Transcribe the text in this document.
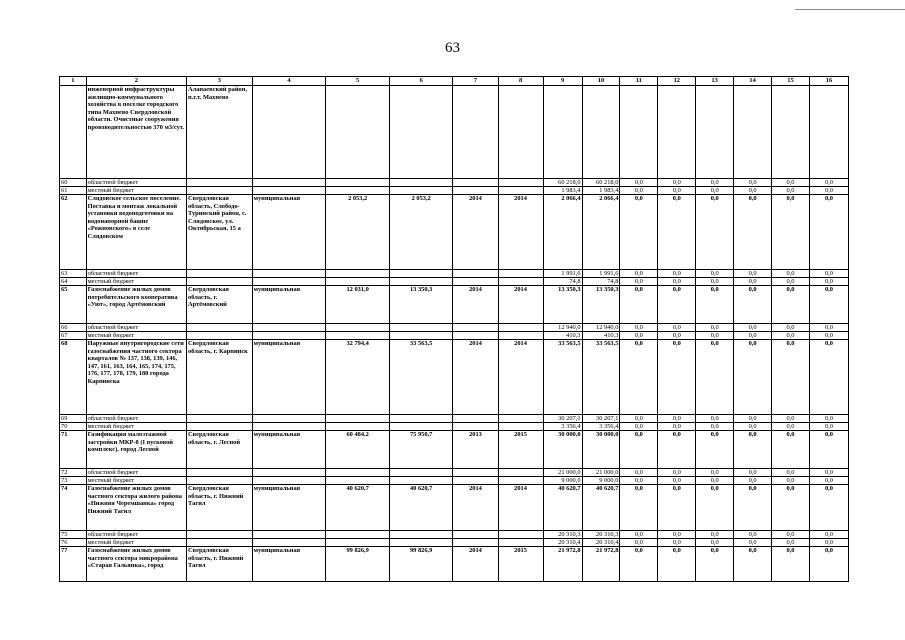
63
1	2	3	4	5	6	7	8	9	10	11	12	13	14	15	16
	инженерной инфраструктуры жилищно-коммунального хозяйства в поселке городского типа Махнево Свердловской области. Очистные сооружения производительностью 370 м3/сут.	Алапаевский район, п.г.т. Махнево													
60	областной бюджет							60 218,0	60 218,0	0,0	0,0	0,0	0,0	0,0	0,0
61	местный бюджет							1 983,4	1 983,4	0,0	0,0	0,0	0,0	0,0	0,0
62	Слядовское сельское поселение. Поставка и монтаж локальной установки водоподготовки на водонапорной башне «Рожновского» в селе Слядовском	Свердловская область, Слободо-Туринский район, с. Слядовское, ул. Октябрьская, 15 а	муниципальная	2 053,2	2 053,2	2014	2014	2 066,4	2 066,4	0,0	0,0	0,0	0,0	0,0	0,0
63	областной бюджет							1 991,6	1 991,6	0,0	0,0	0,0	0,0	0,0	0,0
64	местный бюджет							74,8	74,8	0,0	0,0	0,0	0,0	0,0	0,0
65	Газоснабжение жилых домов потребительского кооператива «Уют», город Артёмовский	Свердловская область, г. Артёмовский	муниципальная	12 031,0	13 350,3	2014	2014	13 350,3	13 350,3	0,0	0,0	0,0	0,0	0,0	0,0
66	областной бюджет							12 940,0	12 940,0	0,0	0,0	0,0	0,0	0,0	0,0
67	местный бюджет							410,3	410,3	0,0	0,0	0,0	0,0	0,0	0,0
68	Наружные внутригородские сети газоснабжения частного сектора кварталов № 137, 138, 139, 146, 147, 161, 163, 164, 165, 174, 175, 176, 177, 178, 179, 180 города Карпинска	Свердловская область, г. Карпинск	муниципальная	32 794,4	33 563,5	2014	2014	33 563,5	33 563,5	0,0	0,0	0,0	0,0	0,0	0,0
69	областной бюджет							30 207,1	30 207,1	0,0	0,0	0,0	0,0	0,0	0,0
70	местный бюджет							3 356,4	3 356,4	0,0	0,0	0,0	0,0	0,0	0,0
71	Газификация малоэтажной застройки МКР-8 (I пусковой комплекс), город Лесной	Свердловская область, г. Лесной	муниципальная	60 484,2	75 950,7	2013	2015	30 000,0	30 000,0	0,0	0,0	0,0	0,0	0,0	0,0
72	областной бюджет							21 000,0	21 000,0	0,0	0,0	0,0	0,0	0,0	0,0
73	местный бюджет							9 000,0	9 000,0	0,0	0,0	0,0	0,0	0,0	0,0
74	Газоснабжение жилых домов частного сектора жилого района «Нижняя Черемшанка» город Нижний Тагил	Свердловская область, г. Нижний Тагил	муниципальная	40 620,7	40 620,7	2014	2014	40 620,7	40 620,7	0,0	0,0	0,0	0,0	0,0	0,0
75	областной бюджет							20 310,3	20 310,3	0,0	0,0	0,0	0,0	0,0	0,0
76	местный бюджет							20 310,4	20 310,4	0,0	0,0	0,0	0,0	0,0	0,0
77	Газоснабжение жилых домов частного сектора микрорайона «Старая Гальянка», город	Свердловская область, г. Нижний Тагил	муниципальная	99 826,9	99 826,9	2014	2015	21 972,8	21 972,8	0,0	0,0	0,0	0,0	0,0	0,0
